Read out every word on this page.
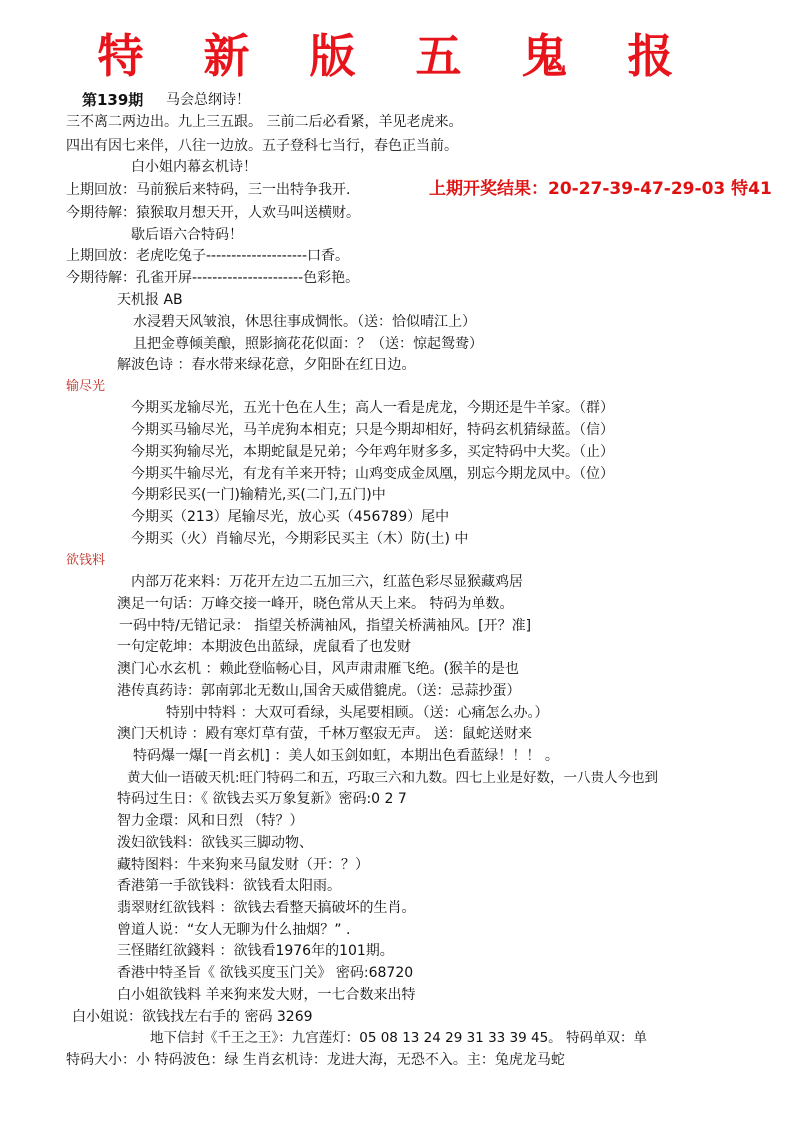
特 新 版 五 鬼 报
第139期 马会总纲诗！
三不离二两边出。九上三五跟。 三前二后必看紧，羊见老虎来。
四出有因七来伴，八往一边放。五子登科七当行，春色正当前。
白小姐内幕玄机诗！
上期回放：马前猴后来特码，三一出特争我开.	上期开奖结果：20-27-39-47-29-03 特41
今期待解：猿猴取月想天开，人欢马叫送横财。
歇后语六合特码！
上期回放：老虎吃兔子--------------------口香。
今期待解：孔雀开屏----------------------色彩艳。
天机报 AB
水浸碧天风皱浪，休思往事成惆怅。（送：恰似晴江上）
且把金尊倾美酿，照影摘花花似面：？（送：惊起鸳鸯）
解波色诗 ：春水带来绿花意，夕阳卧在红日边。
输尽光
今期买龙输尽光，五光十色在人生；高人一看是虎龙，今期还是牛羊家。（群）
今期买马输尽光，马羊虎狗本相克；只是今期却相好，特码玄机猜绿蓝。（信）
今期买狗输尽光，本期蛇鼠是兄弟；今年鸡年财多多，买定特码中大奖。（止）
今期买牛输尽光，有龙有羊来开特；山鸡变成金凤凰，别忘今期龙凤中。（位）
今期彩民买(一门)输精光,买(二门,五门)中
今期买（213）尾输尽光，放心买（456789）尾中
今期买（火）肖输尽光，今期彩民买主（木）防(土) 中
欲钱料
内部万花来料：万花开左边二五加三六，红蓝色彩尽显猴藏鸡居
澳足一句话：万峰交接一峰开，晓色常从天上来。 特码为单数。
一码中特/无错记录： 指望关桥满袖风，指望关桥满袖风。[开？准]
一句定乾坤：本期波色出蓝绿，虎鼠看了也发财
澳门心水玄机 ：赖此登临畅心目，风声肃肃雁飞绝。(猴羊的是也
港传真药诗：郭南郭北无数山,国舍天威借貔虎。（送：忌蒜抄蛋）
特别中特料 ：大双可看绿，头尾要相顾。（送：心痛怎么办。）
澳门天机诗 ：殿有寒灯草有萤，千林万壑寂无声。 送：鼠蛇送财来
特码爆一爆[一肖玄机] ：美人如玉剑如虹，本期出色看蓝绿！！！ 。
黄大仙一语破天机:旺门特码二和五，巧取三六和九数。四七上业是好数，一八贵人今也到
特码过生日：《 欲钱去买万象复新》密码:0 2 7
智力金環：风和日烈 （特？）
泼妇欲钱料：欲钱买三脚动物、
藏特图料：牛来狗来马鼠发财（开：？）
香港第一手欲钱料：欲钱看太阳雨。
翡翠财红欲钱料 ：欲钱去看整天搞破坏的生肖。
曾道人说：“女人无聊为什么抽烟？” .
三怪賭红欲錢料 ：欲钱看1976年的101期。
香港中特圣旨《 欲钱买度玉门关》 密码:68720
白小姐欲钱料 羊来狗来发大财，一七合数来出特
白小姐说：欲钱找左右手的 密码 3269
地下信封《千王之王》：九宫莲灯：05 08 13 24 29 31 33 39 45。 特码单双：单
特码大小：小 特码波色：绿 生肖玄机诗：龙进大海，无恐不入。主：兔虎龙马蛇
